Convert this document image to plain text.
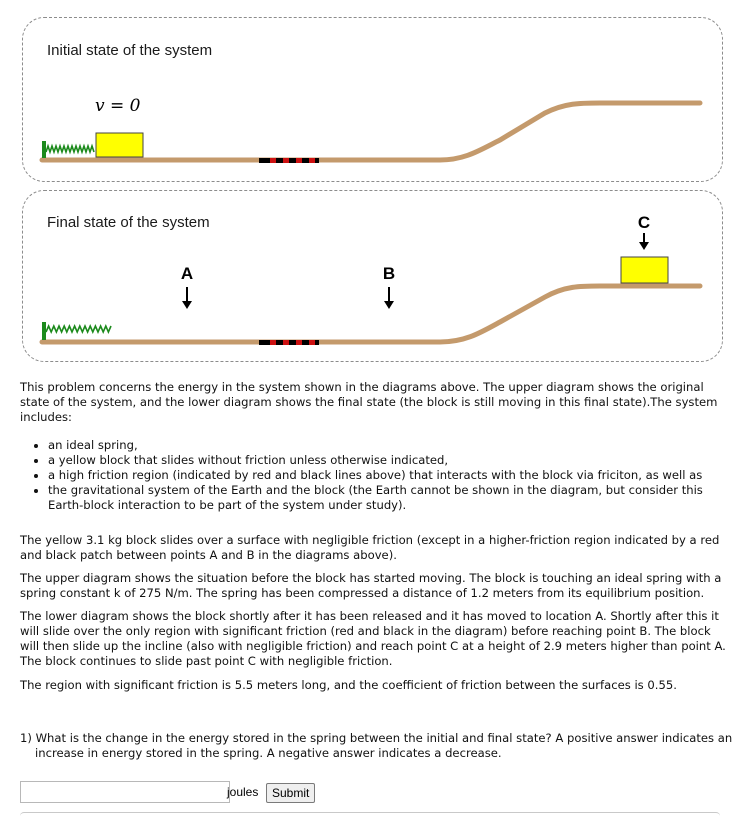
Initial state of the system
v = 0
A	B
C
Final state of the system
This problem concerns the energy in the system shown in the diagrams above. The upper diagram shows the original state of the system, and the lower diagram shows the final state (the block is still moving in this final state).The system includes:
• an ideal spring,
• a yellow block that slides without friction unless otherwise indicated,
• a high friction region (indicated by red and black lines above) that interacts with the block via friciton, as well as
• the gravitational system of the Earth and the block (the Earth cannot be shown in the diagram, but consider this Earth-block interaction to be part of the system under study).

The yellow 3.1 kg block slides over a surface with negligible friction (except in a higher-friction region indicated by a red and black patch between points A and B in the diagrams above).

The upper diagram shows the situation before the block has started moving. The block is touching an ideal spring with a spring constant k of 275 N/m. The spring has been compressed a distance of 1.2 meters from its equilibrium position.

The lower diagram shows the block shortly after it has been released and it has moved to location A. Shortly after this it will slide over the only region with significant friction (red and black in the diagram) before reaching point B. The block will then slide up the incline (also with negligible friction) and reach point C at a height of 2.9 meters higher than point A. The block continues to slide past point C with negligible friction.

The region with significant friction is 5.5 meters long, and the coefficient of friction between the surfaces is 0.55.

1) What is the change in the energy stored in the spring between the initial and final state? A positive answer indicates an increase in energy stored in the spring. A negative answer indicates a decrease.
joules	Submit
